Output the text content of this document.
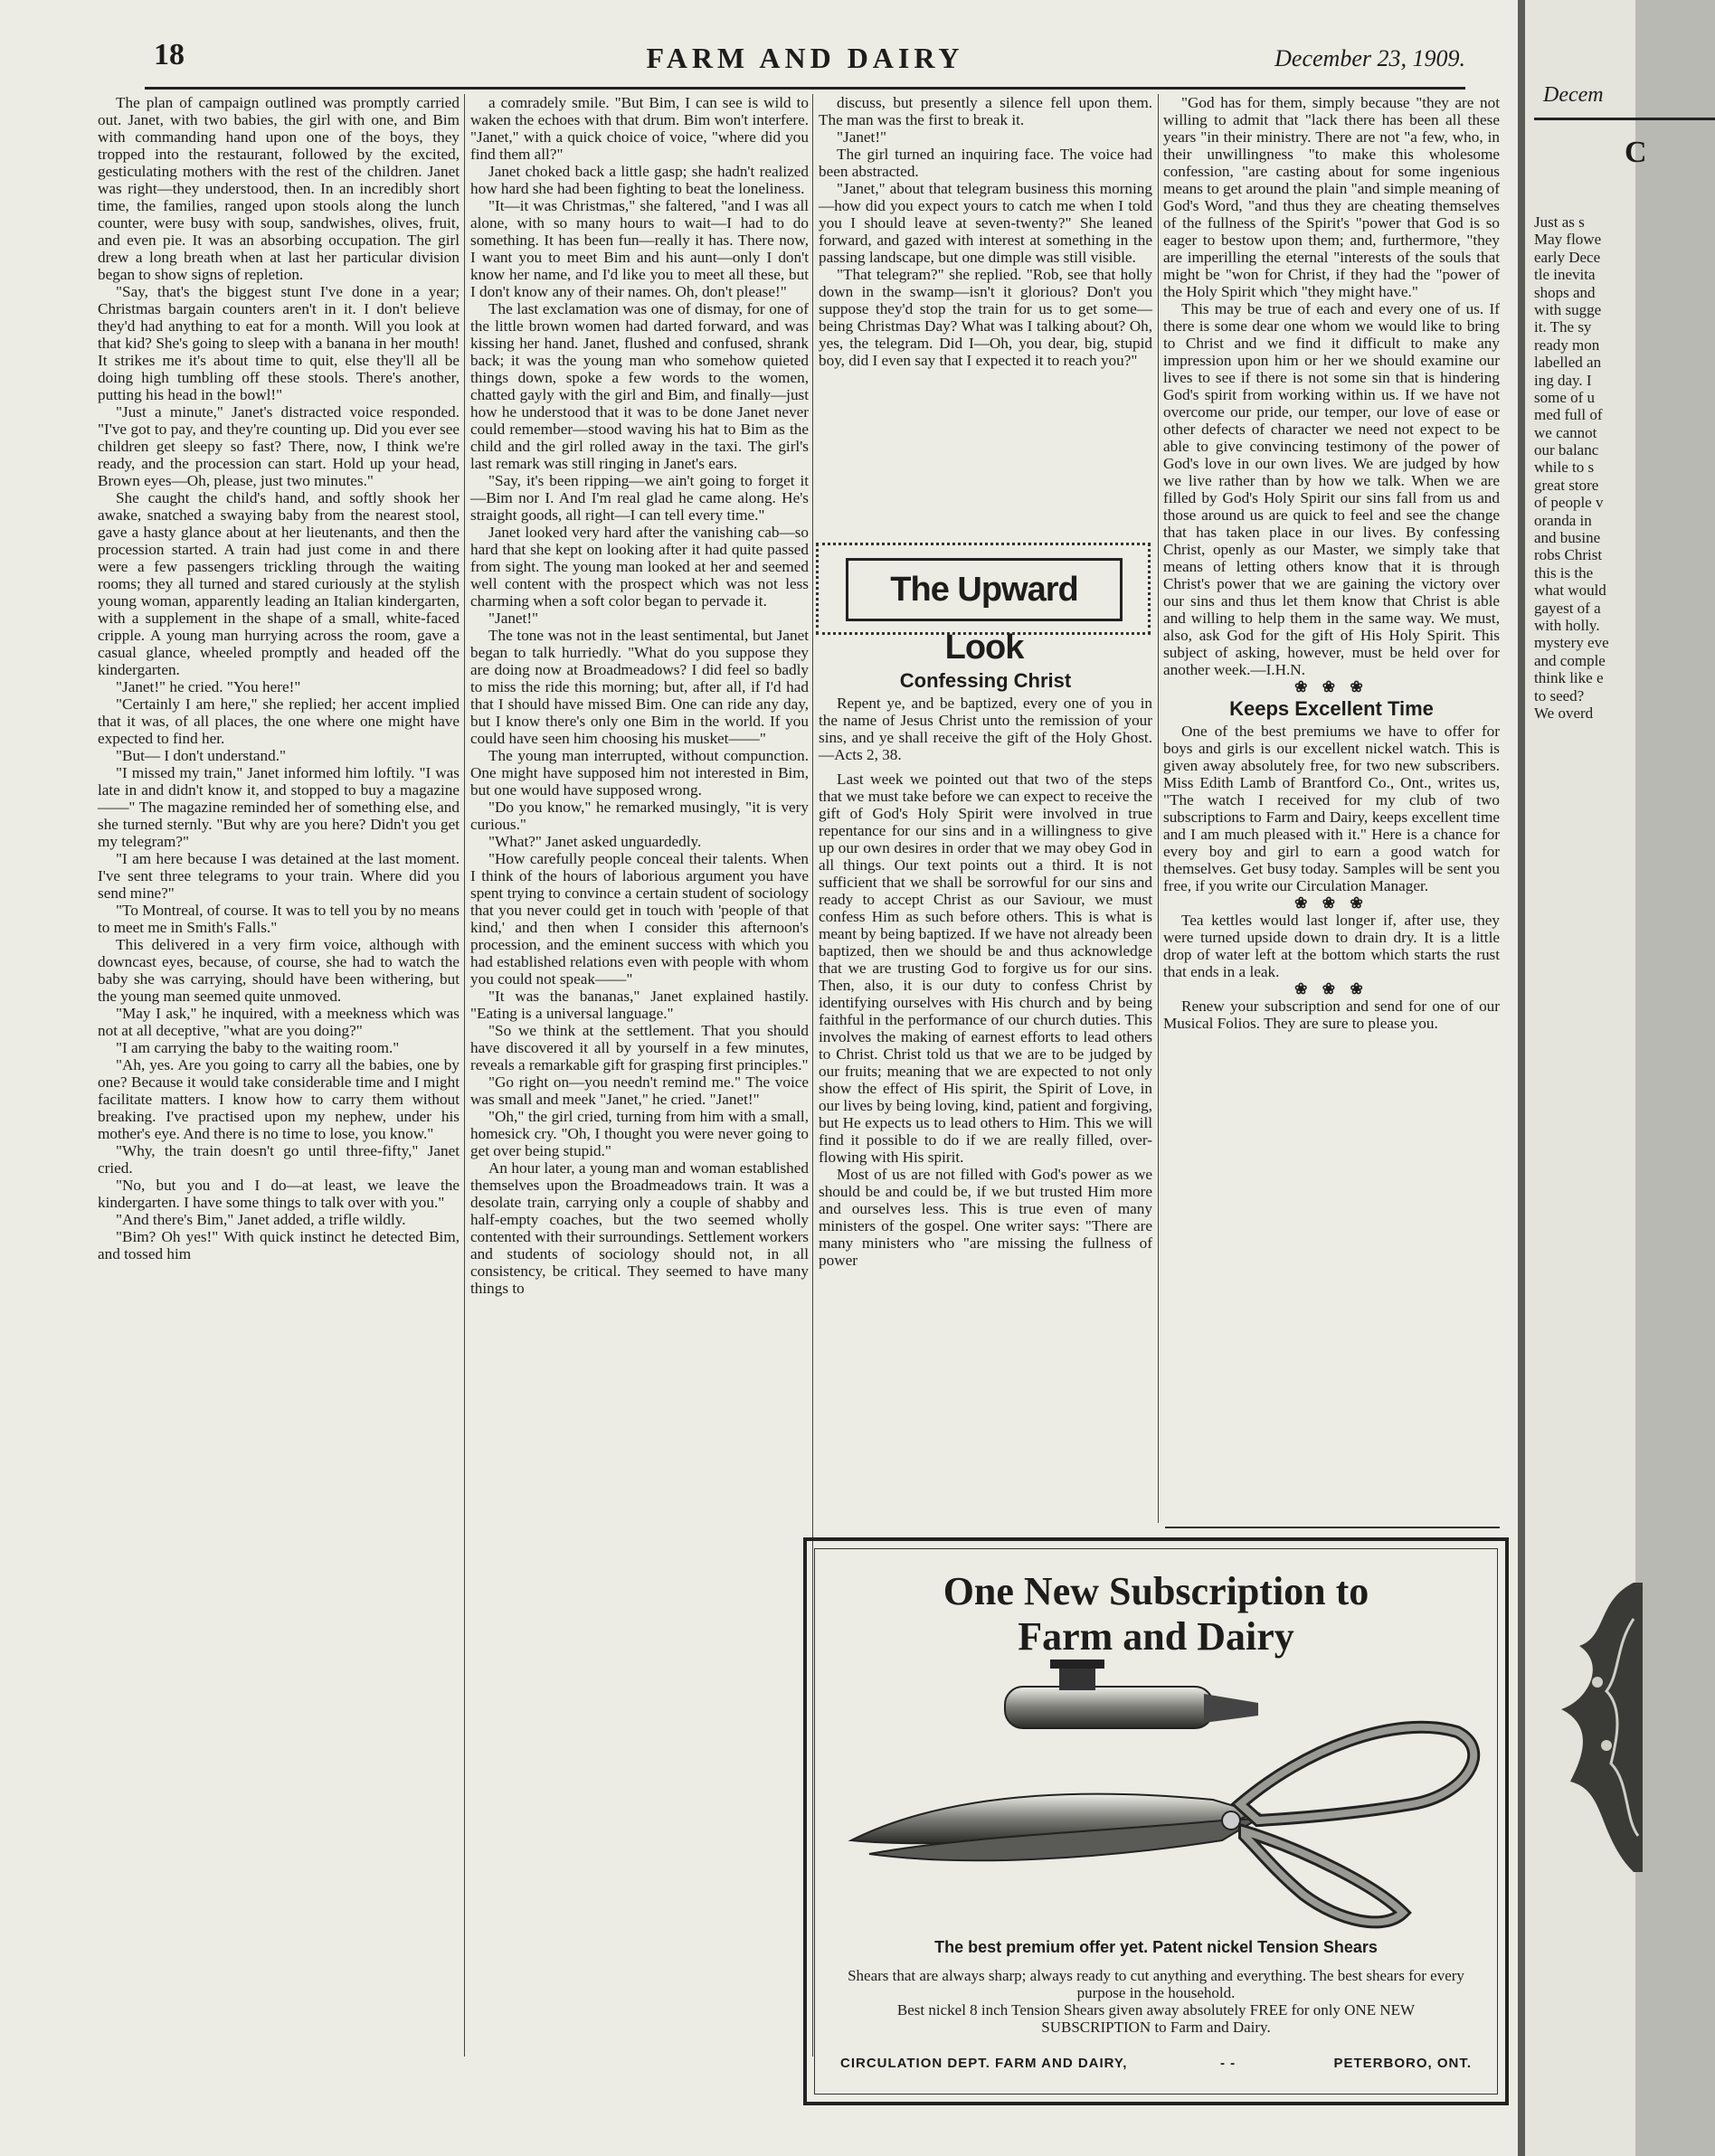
18	FARM AND DAIRY	December 23, 1909.

The plan of campaign outlined was promptly carried out. Janet, with two babies, the girl with one, and Bim with commanding hand upon one of the boys, they tropped into the restaurant, followed by the excited, gesticulating mothers with the rest of the children. Janet was right—they understood, then. In an incredibly short time, the families, ranged upon stools along the lunch counter, were busy with soup, sandwishes, olives, fruit, and even pie. It was an absorbing occupation. The girl drew a long breath when at last her particular division began to show signs of repletion.

"Say, that's the biggest stunt I've done in a year; Christmas bargain counters aren't in it. I don't believe they'd had anything to eat for a month. Will you look at that kid? She's going to sleep with a banana in her mouth! It strikes me it's about time to quit, else they'll all be doing high tumbling off these stools. There's another, putting his head in the bowl!"

"Just a minute," Janet's distracted voice responded. "I've got to pay, and they're counting up. Did you ever see children get sleepy so fast? There, now, I think we're ready, and the procession can start. Hold up your head, Brown eyes—Oh, please, just two minutes."

She caught the child's hand, and softly shook her awake, snatched a swaying baby from the nearest stool, gave a hasty glance about at her lieutenants, and then the procession started. A train had just come in and there were a few passengers trickling through the waiting rooms; they all turned and stared curiously at the stylish young woman, apparently leading an Italian kindergarten, with a supplement in the shape of a small, white-faced cripple. A young man hurrying across the room, gave a casual glance, wheeled promptly and headed off the kindergarten.

"Janet!" he cried. "You here!"

"Certainly I am here," she replied; her accent implied that it was, of all places, the one where one might have expected to find her.

"But— I don't understand."

"I missed my train," Janet informed him loftily. "I was late in and didn't know it, and stopped to buy a magazine——" The magazine reminded her of something else, and she turned sternly. "But why are you here? Didn't you get my telegram?"

"I am here because I was detained at the last moment. I've sent three telegrams to your train. Where did you send mine?"

"To Montreal, of course. It was to tell you by no means to meet me in Smith's Falls."

This delivered in a very firm voice, although with downcast eyes, because, of course, she had to watch the baby she was carrying, should have been withering, but the young man seemed quite unmoved.

"May I ask," he inquired, with a meekness which was not at all deceptive, "what are you doing?"

"I am carrying the baby to the waiting room."

"Ah, yes. Are you going to carry all the babies, one by one? Because it would take considerable time and I might facilitate matters. I know how to carry them without breaking. I've practised upon my nephew, under his mother's eye. And there is no time to lose, you know."

"Why, the train doesn't go until three-fifty," Janet cried.

"No, but you and I do—at least, we leave the kindergarten. I have some things to talk over with you."

"And there's Bim," Janet added, a trifle wildly.

"Bim? Oh yes!" With quick instinct he detected Bim, and tossed him

a comradely smile. "But Bim, I can see is wild to waken the echoes with that drum. Bim won't interfere. "Janet," with a quick choice of voice, "where did you find them all?"

Janet choked back a little gasp; she hadn't realized how hard she had been fighting to beat the loneliness.

"It—it was Christmas," she faltered, "and I was all alone, with so many hours to wait—I had to do something. It has been fun—really it has. There now, I want you to meet Bim and his aunt—only I don't know her name, and I'd like you to meet all these, but I don't know any of their names. Oh, don't please!"

The last exclamation was one of dismay, for one of the little brown women had darted forward, and was kissing her hand. Janet, flushed and confused, shrank back; it was the young man who somehow quieted things down, spoke a few words to the women, chatted gayly with the girl and Bim, and finally—just how he understood that it was to be done Janet never could remember—stood waving his hat to Bim as the child and the girl rolled away in the taxi. The girl's last remark was still ringing in Janet's ears.

"Say, it's been ripping—we ain't going to forget it—Bim nor I. And I'm real glad he came along. He's straight goods, all right—I can tell every time."

Janet looked very hard after the vanishing cab—so hard that she kept on looking after it had quite passed from sight. The young man looked at her and seemed well content with the prospect which was not less charming when a soft color began to pervade it.

"Janet!"

The tone was not in the least sentimental, but Janet began to talk hurriedly. "What do you suppose they are doing now at Broadmeadows? I did feel so badly to miss the ride this morning; but, after all, if I'd had that I should have missed Bim. One can ride any day, but I know there's only one Bim in the world. If you could have seen him choosing his musket——"

The young man interrupted, without compunction. One might have supposed him not interested in Bim, but one would have supposed wrong.

"Do you know," he remarked musingly, "it is very curious."

"What?" Janet asked unguardedly.

"How carefully people conceal their talents. When I think of the hours of laborious argument you have spent trying to convince a certain student of sociology that you never could get in touch with 'people of that kind,' and then when I consider this afternoon's procession, and the eminent success with which you had established relations even with people with whom you could not speak——"

"It was the bananas," Janet explained hastily. "Eating is a universal language."

"So we think at the settlement. That you should have discovered it all by yourself in a few minutes, reveals a remarkable gift for grasping first principles."

"Go right on—you needn't remind me." The voice was small and meek "Janet," he cried. "Janet!"

"Oh," the girl cried, turning from him with a small, homesick cry. "Oh, I thought you were never going to get over being stupid."

An hour later, a young man and woman established themselves upon the Broadmeadows train. It was a desolate train, carrying only a couple of shabby and half-empty coaches, but the two seemed wholly contented with their surroundings. Settlement workers and students of sociology should not, in all consistency, be critical. They seemed to have many things to

discuss, but presently a silence fell upon them. The man was the first to break it.

"Janet!"

The girl turned an inquiring face. The voice had been abstracted.

"Janet," about that telegram business this morning—how did you expect yours to catch me when I told you I should leave at seven-twenty?" She leaned forward, and gazed with interest at something in the passing landscape, but one dimple was still visible.

"That telegram?" she replied. "Rob, see that holly down in the swamp—isn't it glorious? Don't you suppose they'd stop the train for us to get some—being Christmas Day? What was I talking about? Oh, yes, the telegram. Did I—Oh, you dear, big, stupid boy, did I even say that I expected it to reach you?"

The Upward Look

Confessing Christ

Repent ye, and be baptized, every one of you in the name of Jesus Christ unto the remission of your sins, and ye shall receive the gift of the Holy Ghost.—Acts 2, 38.

Last week we pointed out that two of the steps that we must take before we can expect to receive the gift of God's Holy Spirit were involved in true repentance for our sins and in a willingness to give up our own desires in order that we may obey God in all things. Our text points out a third. It is not sufficient that we shall be sorrowful for our sins and ready to accept Christ as our Saviour, we must confess Him as such before others. This is what is meant by being baptized. If we have not already been baptized, then we should be and thus acknowledge that we are trusting God to forgive us for our sins. Then, also, it is our duty to confess Christ by identifying ourselves with His church and by being faithful in the performance of our church duties. This involves the making of earnest efforts to lead others to Christ. Christ told us that we are to be judged by our fruits; meaning that we are expected to not only show the effect of His spirit, the Spirit of Love, in our lives by being loving, kind, patient and forgiving, but He expects us to lead others to Him. This we will find it possible to do if we are really filled, over-flowing with His spirit.

Most of us are not filled with God's power as we should be and could be, if we but trusted Him more and ourselves less. This is true even of many ministers of the gospel. One writer says: "There are many ministers who "are missing the fullness of power

"God has for them, simply because "they are not willing to admit that "lack there has been all these years "in their ministry. There are not "a few, who, in their unwillingness "to make this wholesome confession, "are casting about for some ingenious means to get around the plain "and simple meaning of God's Word, "and thus they are cheating themselves of the fullness of the Spirit's "power that God is so eager to bestow upon them; and, furthermore, "they are imperilling the eternal "interests of the souls that might be "won for Christ, if they had the "power of the Holy Spirit which "they might have."

This may be true of each and every one of us. If there is some dear one whom we would like to bring to Christ and we find it difficult to make any impression upon him or her we should examine our lives to see if there is not some sin that is hindering God's spirit from working within us. If we have not overcome our pride, our temper, our love of ease or other defects of character we need not expect to be able to give convincing testimony of the power of God's love in our own lives. We are judged by how we live rather than by how we talk. When we are filled by God's Holy Spirit our sins fall from us and those around us are quick to feel and see the change that has taken place in our lives. By confessing Christ, openly as our Master, we simply take that means of letting others know that it is through Christ's power that we are gaining the victory over our sins and thus let them know that Christ is able and willing to help them in the same way. We must, also, ask God for the gift of His Holy Spirit. This subject of asking, however, must be held over for another week.—I.H.N.

❀ ❀ ❀

Keeps Excellent Time

One of the best premiums we have to offer for boys and girls is our excellent nickel watch. This is given away absolutely free, for two new subscribers. Miss Edith Lamb of Brantford Co., Ont., writes us, "The watch I received for my club of two subscriptions to Farm and Dairy, keeps excellent time and I am much pleased with it." Here is a chance for every boy and girl to earn a good watch for themselves. Get busy today. Samples will be sent you free, if you write our Circulation Manager.

❀ ❀ ❀

Tea kettles would last longer if, after use, they were turned upside down to drain dry. It is a little drop of water left at the bottom which starts the rust that ends in a leak.

❀ ❀ ❀

Renew your subscription and send for one of our Musical Folios. They are sure to please you.

One New Subscription to
Farm and Dairy
The best premium offer yet. Patent nickel Tension Shears
Shears that are always sharp; always ready to cut anything and everything. The best shears for every purpose in the household.
Best nickel 8 inch Tension Shears given away absolutely FREE for only ONE NEW SUBSCRIPTION to Farm and Dairy.
CIRCULATION DEPT. FARM AND DAIRY,	PETERBORO, ONT.
- -
Decem
C
Just as s
May flowe
early Dece
tle inevita
shops and
with sugge
it. The sy
ready mon
labelled an
ing day. I
some of u
med full of
we cannot
our balanc
while to s
great store
of people v
oranda in
and busine
robs Christ
this is the
what would
gayest of a
with holly.
mystery eve
and comple
think like e
to seed?
We overd
